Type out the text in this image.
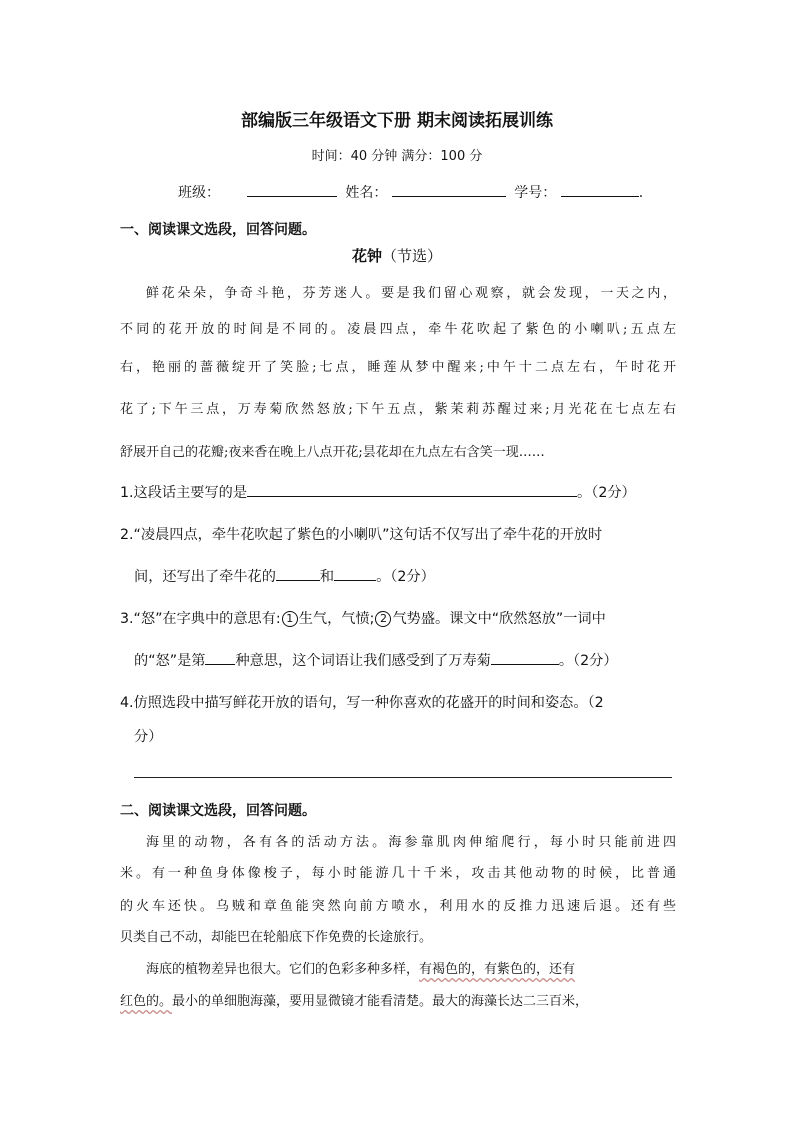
部编版三年级语文下册 期末阅读拓展训练
时间：40 分钟 满分：100 分
班级：	姓名：	学号：	.
一、阅读课文选段，回答问题。
花钟（节选）
鲜花朵朵，争奇斗艳，芬芳迷人。要是我们留心观察，就会发现，一天之内，
不同的花开放的时间是不同的。凌晨四点，牵牛花吹起了紫色的小喇叭;五点左
右，艳丽的蔷薇绽开了笑脸;七点，睡莲从梦中醒来;中午十二点左右，午时花开
花了;下午三点，万寿菊欣然怒放;下午五点，紫茉莉苏醒过来;月光花在七点左右
舒展开自己的花瓣;夜来香在晚上八点开花;昙花却在九点左右含笑一现……
1.这段话主要写的是	。（2分）
2.“凌晨四点，牵牛花吹起了紫色的小喇叭”这句话不仅写出了牵牛花的开放时
间，还写出了牵牛花的	和	。（2分）
3.“怒”在字典中的意思有: 1 生气，气愤; 2 气势盛。课文中“欣然怒放”一词中
的“怒”是第 种意思，这个词语让我们感受到了万寿菊	。（2分）
4.仿照选段中描写鲜花开放的语句，写一种你喜欢的花盛开的时间和姿态。（2
分）
二、阅读课文选段，回答问题。
海里的动物，各有各的活动方法。海参靠肌肉伸缩爬行，每小时只能前进四
米。有一种鱼身体像梭子，每小时能游几十千米，攻击其他动物的时候，比普通
的火车还快。乌贼和章鱼能突然向前方喷水，利用水的反推力迅速后退。还有些
贝类自己不动，却能巴在轮船底下作免费的长途旅行。
海底的植物差异也很大。它们的色彩多种多样，有褐色的，有紫色的，还有
红色的。最小的单细胞海藻，要用显微镜才能看清楚。最大的海藻长达二三百米，
